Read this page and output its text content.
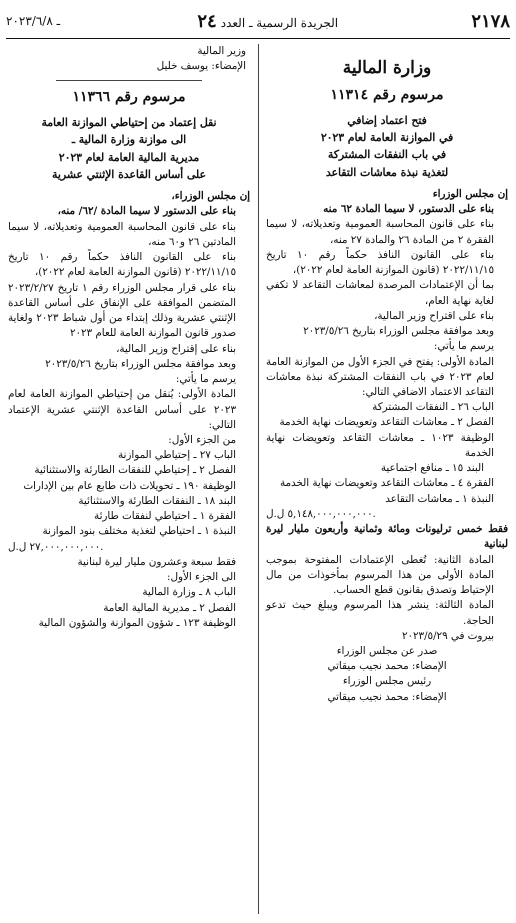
٢١٧٨
الجريدة الرسمية ـ العدد٢٤
ـ ٢٠٢٣/٦/٨

وزارة المالية

مرسوم رقم ١١٣١٤

فتح اعتماد إضافي

في الموازنة العامة لعام ٢٠٢٣

في باب النفقات المشتركة

لتغذية نبذة معاشات التقاعد

إن مجلس الوزراء

بناء على الدستور، لا سيما المادة ٦٢ منه

بناء على قانون المحاسبة العمومية وتعديلاته، لا سيما الفقرة ٢ من المادة ٢٦ والمادة ٢٧ منه،

بناء على القانون النافذ حكماً رقم ١٠ تاريخ ٢٠٢٢/١١/١٥ (قانون الموازنة العامة لعام ٢٠٢٢)،

بما أن الإعتمادات المرصدة لمعاشات التقاعد لا تكفي لغاية نهاية العام،

بناء على اقتراح وزير المالية،

وبعد موافقة مجلس الوزراء بتاريخ ٢٠٢٣/٥/٢٦

يرسم ما يأتي:

المادة الأولى: يفتح في الجزء الأول من الموازنة العامة لعام ٢٠٢٣ في باب النفقات المشتركة نبذة معاشات التقاعد الاعتماد الاضافي التالي:

الباب ٢٦ ـ النفقات المشتركة

الفصل ٢ ـ معاشات التقاعد وتعويضات نهاية الخدمة

الوظيفة ١٠٢٣ ـ معاشات التقاعد وتعويضات نهاية الخدمة

البند ١٥ ـ منافع اجتماعية

الفقرة ٤ ـ معاشات التقاعد وتعويضات نهاية الخدمة

النبذة ١ ـ معاشات التقاعد

٥,١٤٨,٠٠٠,٠٠٠,٠٠٠ ل.ل.

فقط خمس ترليونات ومائة وثمانية وأربعون مليار ليرة لبنانية

المادة الثانية: تُغطى الإعتمادات المفتوحة بموجب المادة الأولى من هذا المرسوم بمأخوذات من مال الإحتياط وتصدق بقانون قطع الحساب.

المادة الثالثة: ينشر هذا المرسوم ويبلغ حيث تدعو الحاجة.

بيروت في ٢٠٢٣/٥/٢٩

صدر عن مجلس الوزراء

الإمضاء: محمد نجيب ميقاتي

رئيس مجلس الوزراء

الإمضاء: محمد نجيب ميقاتي

وزير المالية

الإمضاء: يوسف خليل

مرسوم رقم ١١٣٦٦

نقل إعتماد من إحتياطي الموازنة العامة

الى موازنة وزارة المالية ـ

مديرية المالية العامة لعام ٢٠٢٣

على أساس القاعدة الإثنتي عشرية

إن مجلس الوزراء،

بناء على الدستور لا سيما المادة /٦٢/ منه،

بناء على قانون المحاسبة العمومية وتعديلاته، لا سيما المادتين ٢٦ و٦٠ منه،

بناء على القانون النافذ حكماً رقم ١٠ تاريخ ٢٠٢٢/١١/١٥ (قانون الموازنة العامة لعام ٢٠٢٢)،

بناء على قرار مجلس الوزراء رقم ١ تاريخ ٢٠٢٣/٢/٢٧ المتضمن الموافقة على الإنفاق على أساس القاعدة الإثنتي عشرية وذلك إبتداء من أول شباط ٢٠٢٣ ولغاية صدور قانون الموازنة العامة للعام ٢٠٢٣

بناء على إقتراح وزير المالية،

وبعد موافقة مجلس الوزراء بتاريخ ٢٠٢٣/٥/٢٦

يرسم ما يأتي:

المادة الأولى: يُنقل من إحتياطي الموازنة العامة لعام ٢٠٢٣ على أساس القاعدة الإثنتي عشرية الإعتماد التالي:

من الجزء الأول:

الباب ٢٧ ـ إحتياطي الموازنة

الفصل ٢ ـ إحتياطي للنفقات الطارئة والاستثنائية

الوظيفة ١٩٠ ـ تحويلات ذات طابع عام بين الإدارات

البند ١٨ ـ النفقات الطارئة والاستثنائية

الفقرة ١ ـ احتياطي لنفقات طارئة

النبذة ١ ـ احتياطي لتغذية مختلف بنود الموازنة

٢٧,٠٠٠,٠٠٠,٠٠٠ ل.ل.

فقط سبعة وعشرون مليار ليرة لبنانية

الى الجزء الأول:

الباب ٨ ـ وزارة المالية

الفصل ٢ ـ مديرية المالية العامة

الوظيفة ١٢٣ ـ شؤون الموازنة والشؤون المالية
